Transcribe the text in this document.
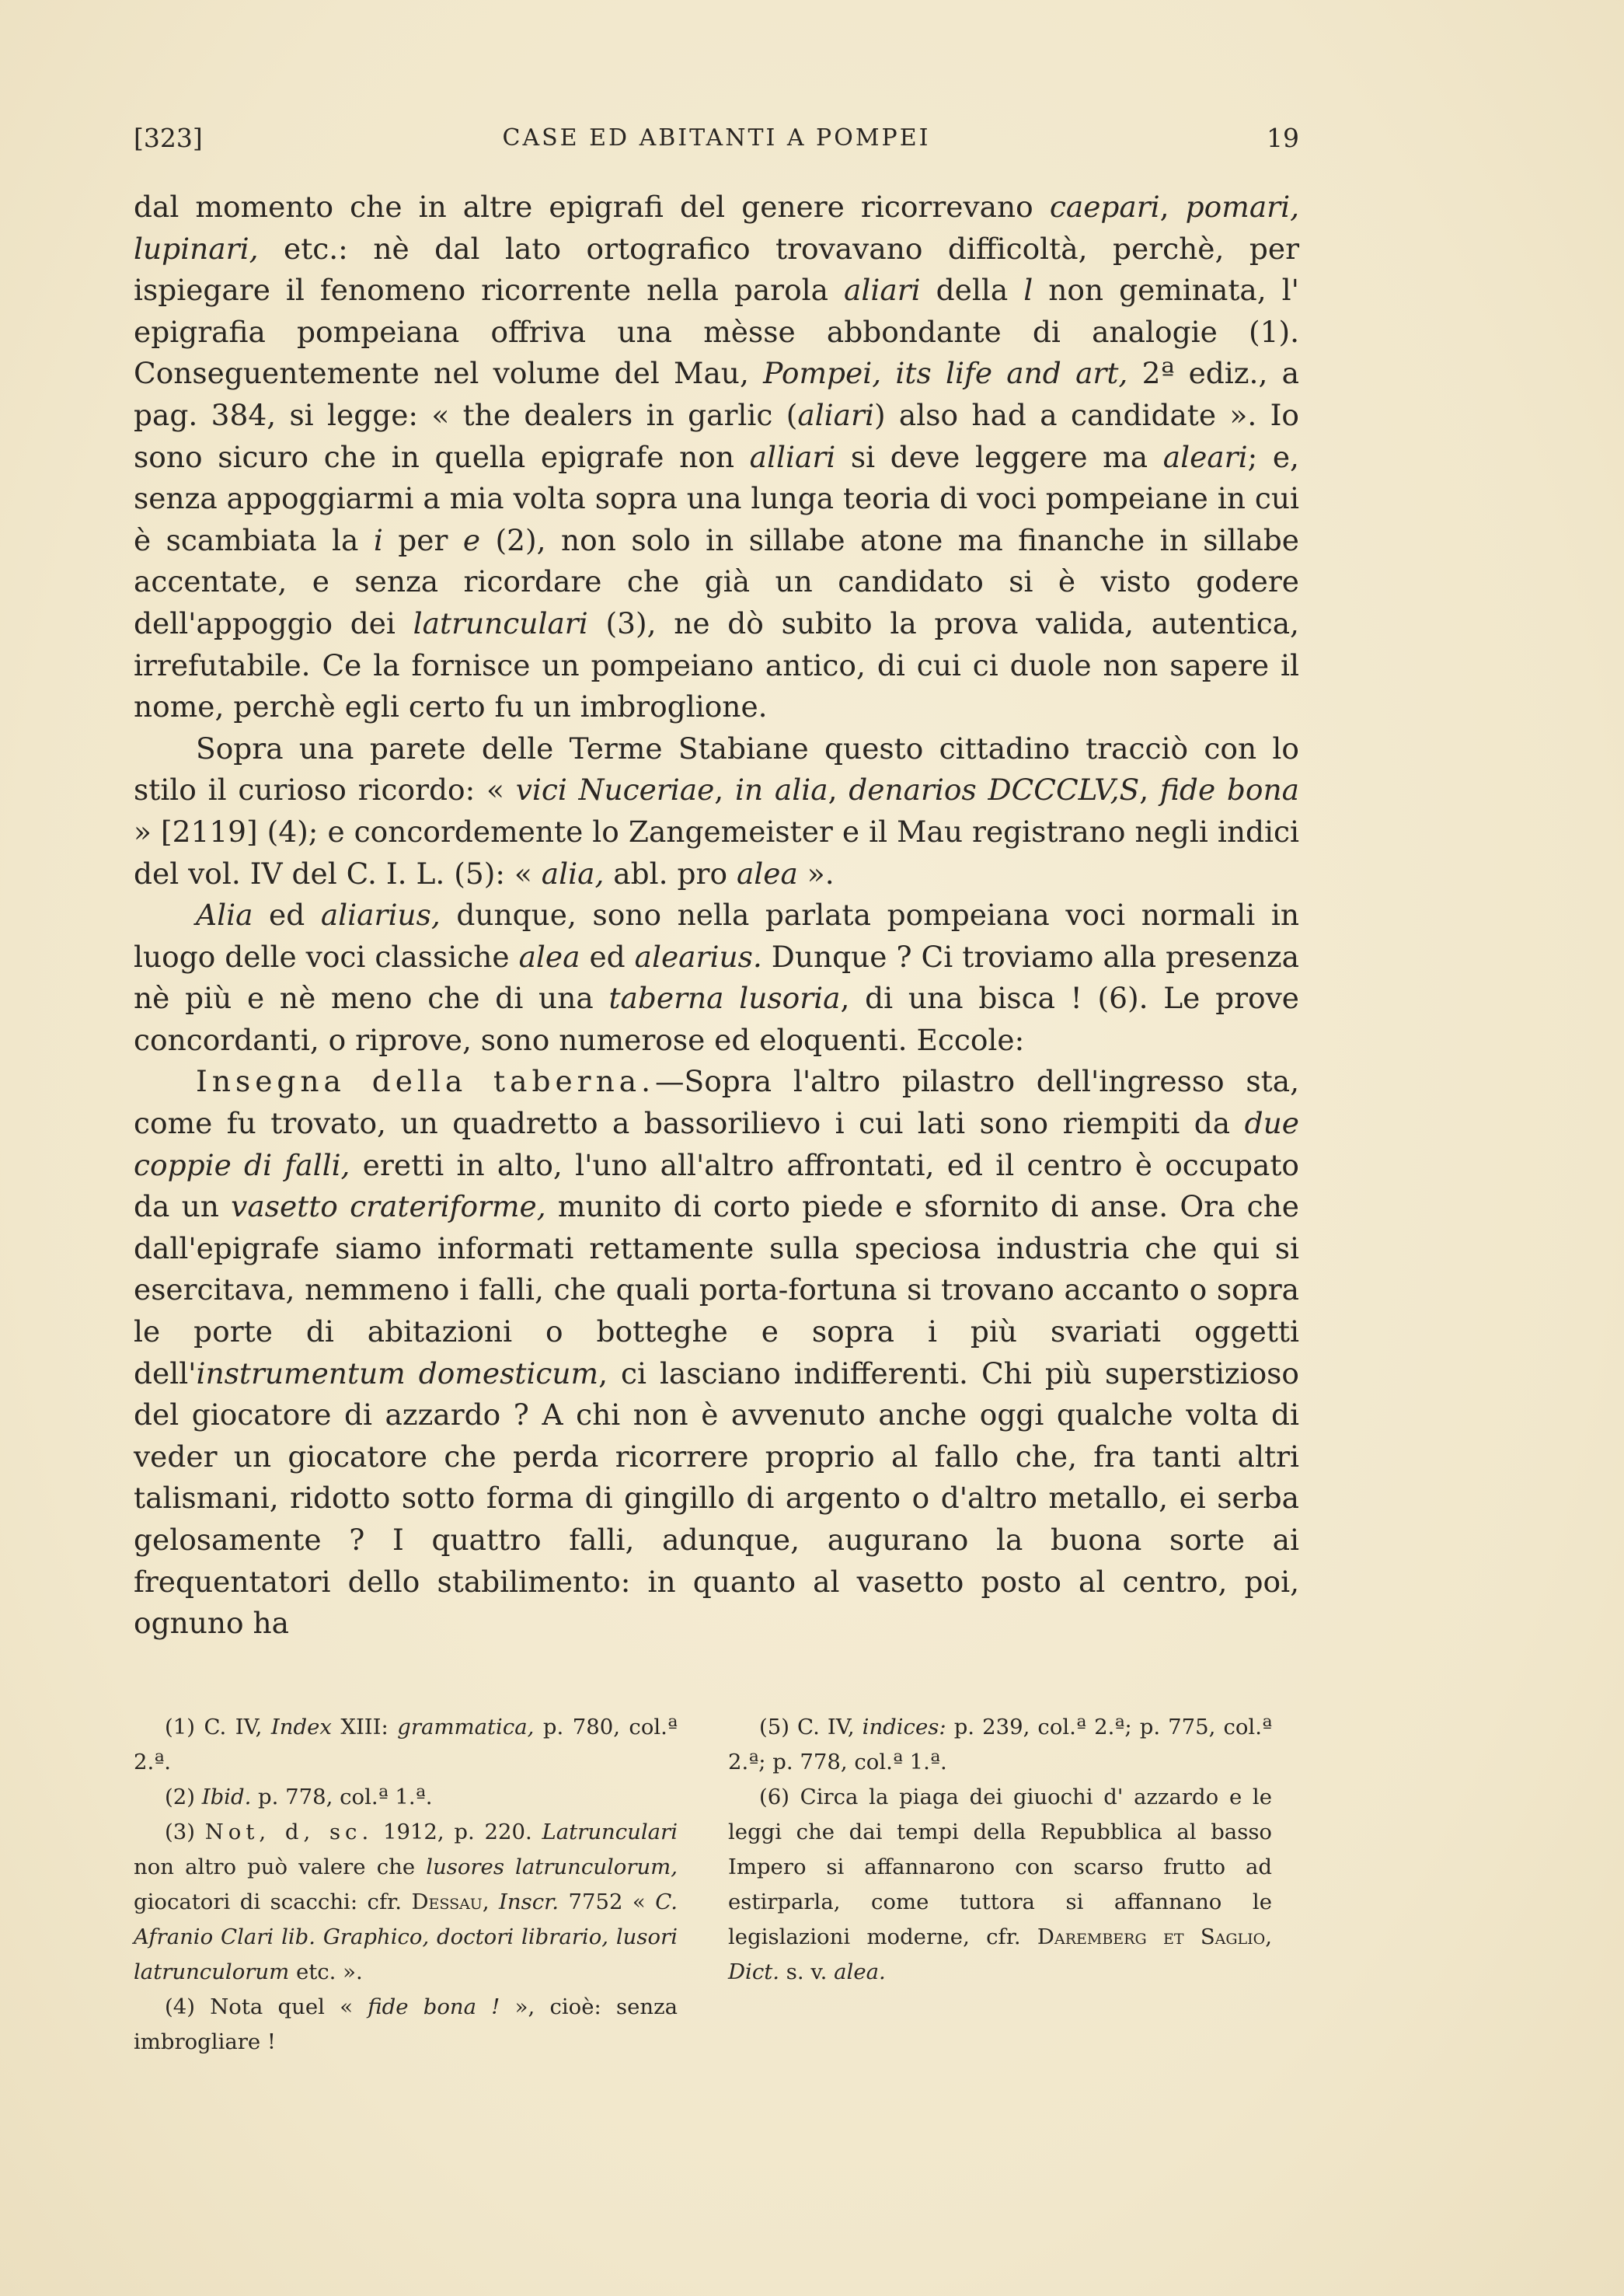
[323]	CASE ED ABITANTI A POMPEI	19

dal momento che in altre epigrafi del genere ricorrevano caepari, pomari, lupinari, etc.: nè dal lato ortografico trovavano difficoltà, perchè, per ispiegare il fenomeno ricorrente nella parola aliari della l non geminata, l' epigrafia pompeiana offriva una mèsse abbondante di analogie (1). Conseguentemente nel volume del Mau, Pompei, its life and art, 2ª ediz., a pag. 384, si legge: « the dealers in garlic (aliari) also had a candidate ». Io sono sicuro che in quella epigrafe non alliari si deve leggere ma aleari; e, senza appoggiarmi a mia volta sopra una lunga teoria di voci pompeiane in cui è scambiata la i per e (2), non solo in sillabe atone ma finanche in sillabe accentate, e senza ricordare che già un candidato si è visto godere dell'appoggio dei latrunculari (3), ne dò subito la prova valida, autentica, irrefutabile. Ce la fornisce un pompeiano antico, di cui ci duole non sapere il nome, perchè egli certo fu un imbroglione.

Sopra una parete delle Terme Stabiane questo cittadino tracciò con lo stilo il curioso ricordo: « vici Nuceriae, in alia, denarios DCCCLV,S, fide bona » [2119] (4); e concordemente lo Zangemeister e il Mau registrano negli indici del vol. IV del C. I. L. (5): « alia, abl. pro alea ».

Alia ed aliarius, dunque, sono nella parlata pompeiana voci normali in luogo delle voci classiche alea ed alearius. Dunque ? Ci troviamo alla presenza nè più e nè meno che di una taberna lusoria, di una bisca ! (6). Le prove concordanti, o riprove, sono numerose ed eloquenti. Eccole:

Insegna della taberna.—Sopra l'altro pilastro dell'ingresso sta, come fu trovato, un quadretto a bassorilievo i cui lati sono riempiti da due coppie di falli, eretti in alto, l'uno all'altro affrontati, ed il centro è occupato da un vasetto crateriforme, munito di corto piede e sfornito di anse. Ora che dall'epigrafe siamo informati rettamente sulla speciosa industria che qui si esercitava, nemmeno i falli, che quali porta-fortuna si trovano accanto o sopra le porte di abitazioni o botteghe e sopra i più svariati oggetti dell'instrumentum domesticum, ci lasciano indifferenti. Chi più superstizioso del giocatore di azzardo ? A chi non è avvenuto anche oggi qualche volta di veder un giocatore che perda ricorrere proprio al fallo che, fra tanti altri talismani, ridotto sotto forma di gingillo di argento o d'altro metallo, ei serba gelosamente ? I quattro falli, adunque, augurano la buona sorte ai frequentatori dello stabilimento: in quanto al vasetto posto al centro, poi, ognuno ha

(1) C. IV, Index XIII: grammatica, p. 780, col.ª 2.ª.

(2) Ibid. p. 778, col.ª 1.ª.

(3) Not, d, sc. 1912, p. 220. Latrunculari non altro può valere che lusores latrunculorum, giocatori di scacchi: cfr. Dessau, Inscr. 7752 « C. Afranio Clari lib. Graphico, doctori librario, lusori latrunculorum etc. ».

(4) Nota quel « fide bona ! », cioè: senza imbrogliare !

(5) C. IV, indices: p. 239, col.ª 2.ª; p. 775, col.ª 2.ª; p. 778, col.ª 1.ª.

(6) Circa la piaga dei giuochi d' azzardo e le leggi che dai tempi della Repubblica al basso Impero si affannarono con scarso frutto ad estirparla, come tuttora si affannano le legislazioni moderne, cfr. Daremberg et Saglio, Dict. s. v. alea.
